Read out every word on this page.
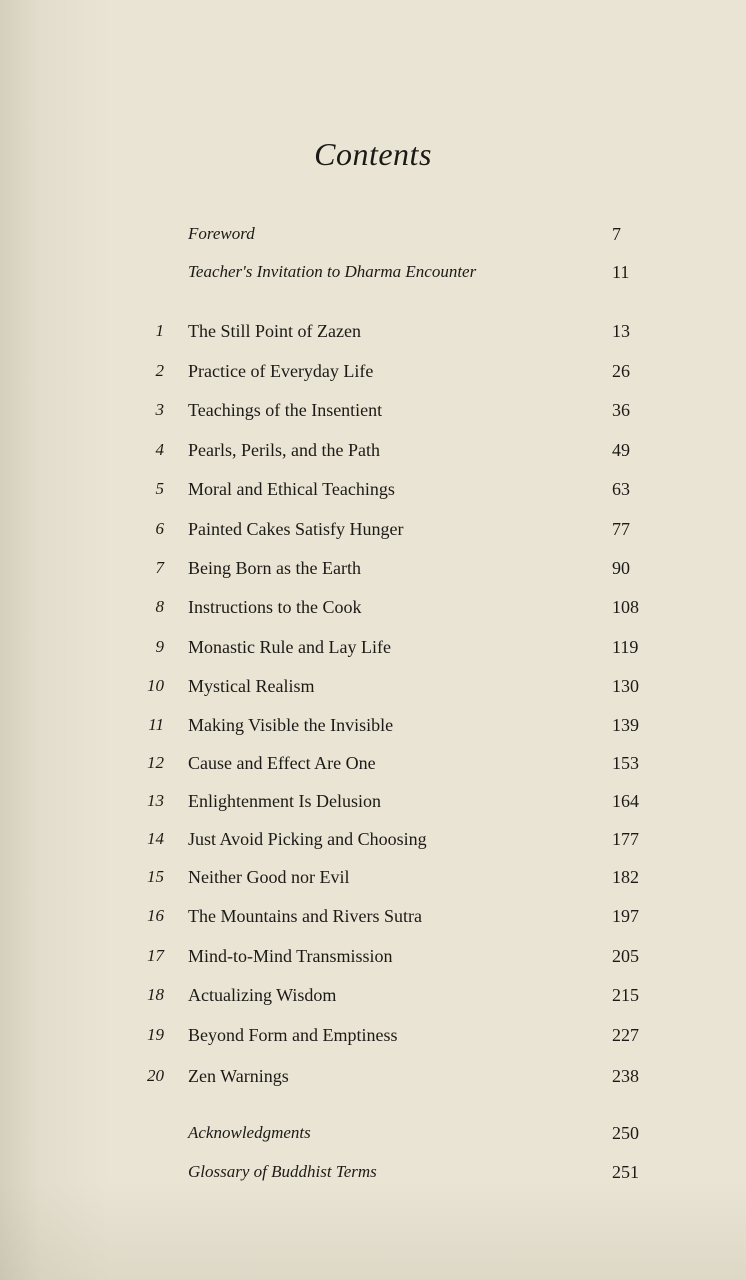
Contents
Foreword	7
Teacher's Invitation to Dharma Encounter	11
1 The Still Point of Zazen	13
2 Practice of Everyday Life	26
3 Teachings of the Insentient	36
4 Pearls, Perils, and the Path	49
5 Moral and Ethical Teachings	63
6 Painted Cakes Satisfy Hunger	77
7 Being Born as the Earth	90
8 Instructions to the Cook	108
9 Monastic Rule and Lay Life	119
10 Mystical Realism	130
11 Making Visible the Invisible	139
12 Cause and Effect Are One	153
13 Enlightenment Is Delusion	164
14 Just Avoid Picking and Choosing	177
15 Neither Good nor Evil	182
16 The Mountains and Rivers Sutra	197
17 Mind-to-Mind Transmission	205
18 Actualizing Wisdom	215
19 Beyond Form and Emptiness	227
20 Zen Warnings	238
Acknowledgments	250
Glossary of Buddhist Terms	251
